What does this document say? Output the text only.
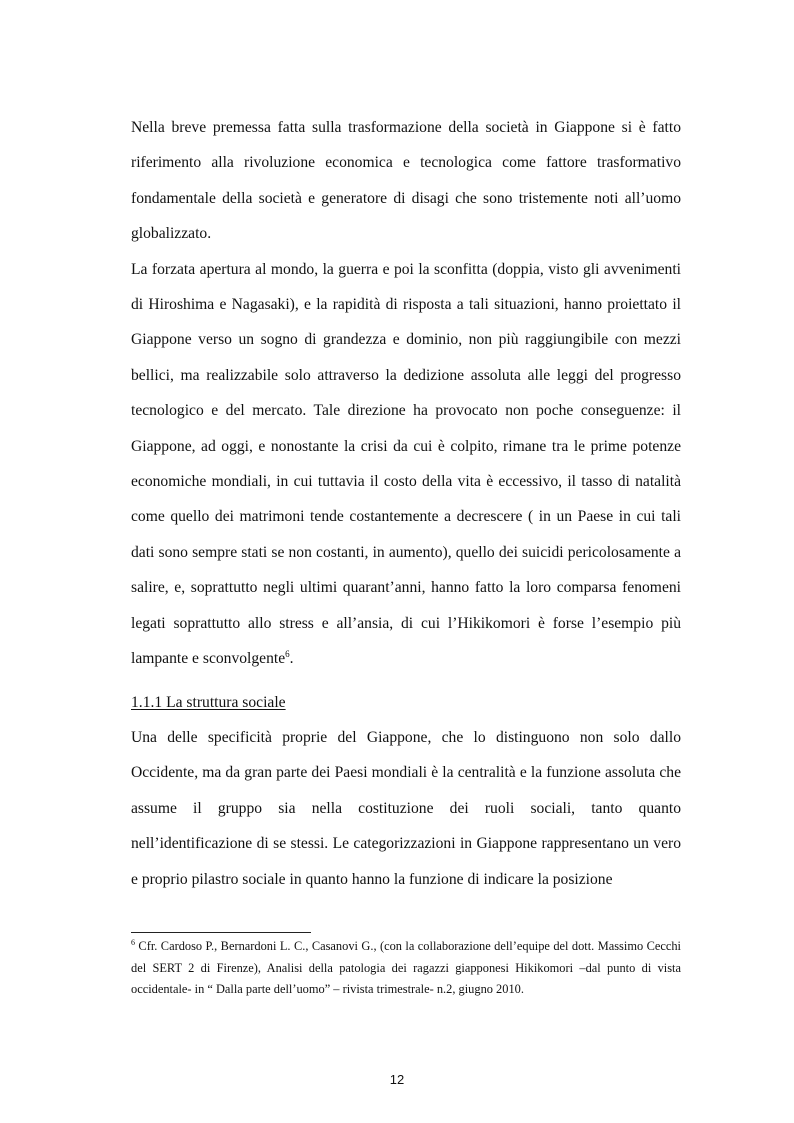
Nella breve premessa fatta sulla trasformazione della società in Giappone si è fatto riferimento alla rivoluzione economica e tecnologica come fattore trasformativo fondamentale della società e generatore di disagi che sono tristemente noti all’uomo globalizzato.

La forzata apertura al mondo, la guerra e poi la sconfitta (doppia, visto gli avvenimenti di Hiroshima e Nagasaki), e la rapidità di risposta a tali situazioni, hanno proiettato il Giappone verso un sogno di grandezza e dominio, non più raggiungibile con mezzi bellici, ma realizzabile solo attraverso la dedizione assoluta alle leggi del progresso tecnologico e del mercato. Tale direzione ha provocato non poche conseguenze: il Giappone, ad oggi, e nonostante la crisi da cui è colpito, rimane tra le prime potenze economiche mondiali, in cui tuttavia il costo della vita è eccessivo, il tasso di natalità come quello dei matrimoni tende costantemente a decrescere ( in un Paese in cui tali dati sono sempre stati se non costanti, in aumento), quello dei suicidi pericolosamente a salire, e, soprattutto negli ultimi quarant’anni, hanno fatto la loro comparsa fenomeni legati soprattutto allo stress e all’ansia, di cui l’Hikikomori è forse l’esempio più lampante e sconvolgente$^6$.

1.1.1 La struttura sociale

Una delle specificità proprie del Giappone, che lo distinguono non solo dallo Occidente, ma da gran parte dei Paesi mondiali è la centralità e la funzione assoluta che assume il gruppo sia nella costituzione dei ruoli sociali, tanto quanto nell’identificazione di se stessi. Le categorizzazioni in Giappone rappresentano un vero e proprio pilastro sociale in quanto hanno la funzione di indicare la posizione

$^6$ Cfr. Cardoso P., Bernardoni L. C., Casanovi G., (con la collaborazione dell’equipe del dott. Massimo Cecchi del SERT 2 di Firenze), Analisi della patologia dei ragazzi giapponesi Hikikomori –dal punto di vista occidentale- in “ Dalla parte dell’uomo” – rivista trimestrale- n.2, giugno 2010.
12
